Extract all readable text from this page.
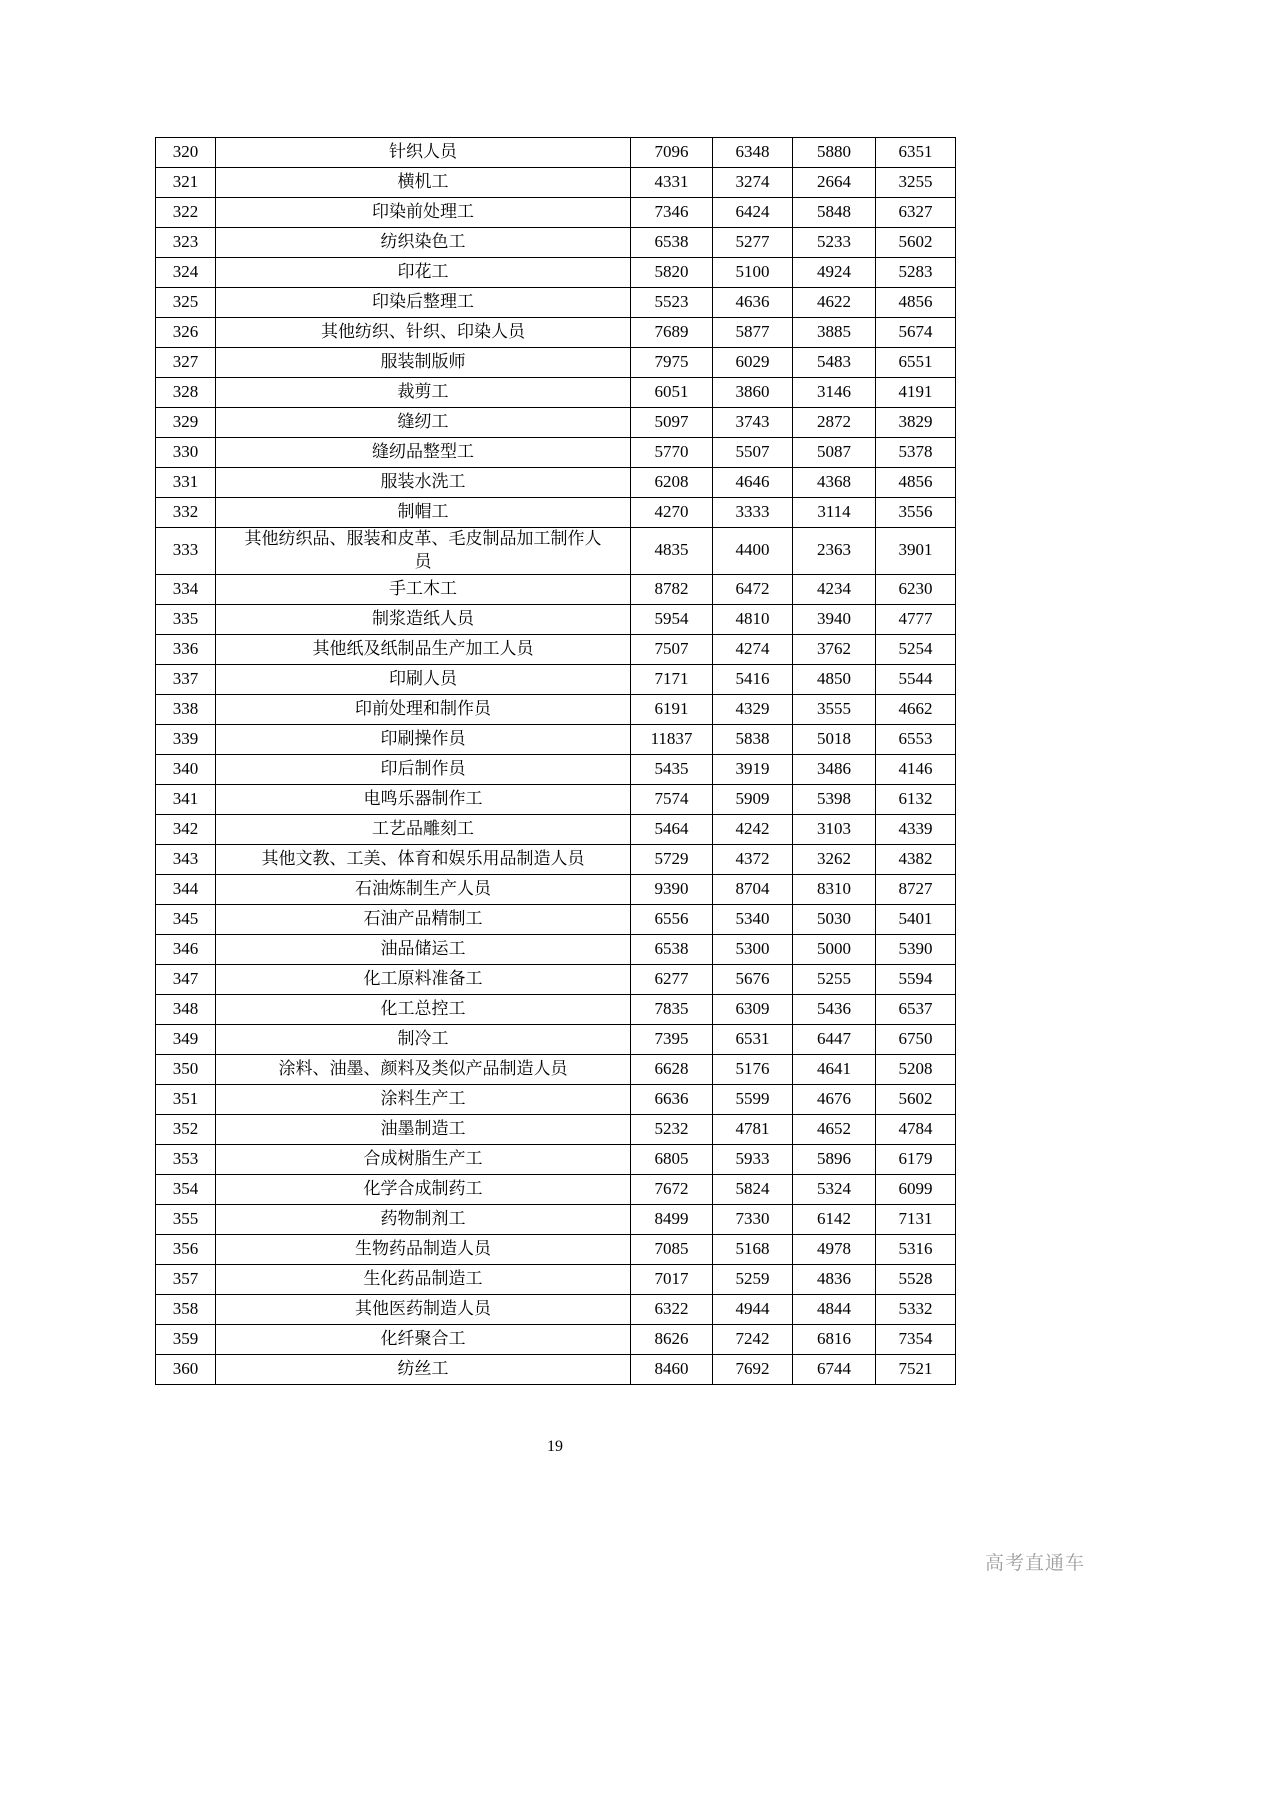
320	针织人员	7096	6348	5880	6351
321	横机工	4331	3274	2664	3255
322	印染前处理工	7346	6424	5848	6327
323	纺织染色工	6538	5277	5233	5602
324	印花工	5820	5100	4924	5283
325	印染后整理工	5523	4636	4622	4856
326	其他纺织、针织、印染人员	7689	5877	3885	5674
327	服装制版师	7975	6029	5483	6551
328	裁剪工	6051	3860	3146	4191
329	缝纫工	5097	3743	2872	3829
330	缝纫品整型工	5770	5507	5087	5378
331	服装水洗工	6208	4646	4368	4856
332	制帽工	4270	3333	3114	3556
333	其他纺织品、服装和皮革、毛皮制品加工制作人员	4835	4400	2363	3901
334	手工木工	8782	6472	4234	6230
335	制浆造纸人员	5954	4810	3940	4777
336	其他纸及纸制品生产加工人员	7507	4274	3762	5254
337	印刷人员	7171	5416	4850	5544
338	印前处理和制作员	6191	4329	3555	4662
339	印刷操作员	11837	5838	5018	6553
340	印后制作员	5435	3919	3486	4146
341	电鸣乐器制作工	7574	5909	5398	6132
342	工艺品雕刻工	5464	4242	3103	4339
343	其他文教、工美、体育和娱乐用品制造人员	5729	4372	3262	4382
344	石油炼制生产人员	9390	8704	8310	8727
345	石油产品精制工	6556	5340	5030	5401
346	油品储运工	6538	5300	5000	5390
347	化工原料准备工	6277	5676	5255	5594
348	化工总控工	7835	6309	5436	6537
349	制冷工	7395	6531	6447	6750
350	涂料、油墨、颜料及类似产品制造人员	6628	5176	4641	5208
351	涂料生产工	6636	5599	4676	5602
352	油墨制造工	5232	4781	4652	4784
353	合成树脂生产工	6805	5933	5896	6179
354	化学合成制药工	7672	5824	5324	6099
355	药物制剂工	8499	7330	6142	7131
356	生物药品制造人员	7085	5168	4978	5316
357	生化药品制造工	7017	5259	4836	5528
358	其他医药制造人员	6322	4944	4844	5332
359	化纤聚合工	8626	7242	6816	7354
360	纺丝工	8460	7692	6744	7521
19
高考直通车
